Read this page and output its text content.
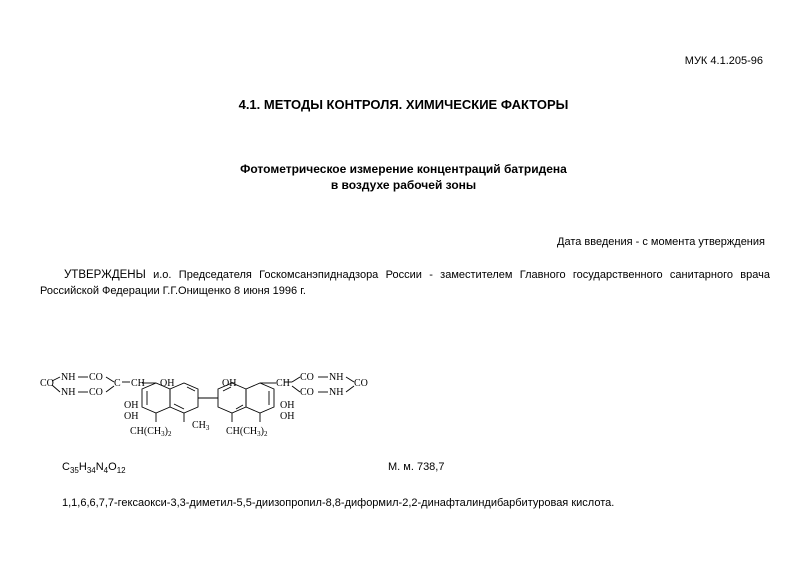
МУК 4.1.205-96
4.1. МЕТОДЫ КОНТРОЛЯ. ХИМИЧЕСКИЕ ФАКТОРЫ
Фотометрическое измерение концентраций батридена
в воздухе рабочей зоны
Дата введения - с момента утверждения
УТВЕРЖДЕНЫ и.о. Председателя Госкомсанэпиднадзора России - заместителем Главного государственного санитарного врача Российской Федерации Г.Г.Онищенко 8 июня 1996 г.
CO
NH
NH
CO
CO
C CH OH
OH
OH
$CH(CH_3)_2$
$CH_3$
OH	CH
OH
OH
$CH(CH_3)_2$
CO
CO
NH
NH
CO
$C_{35}H_{34}N_4O_{12}$	М. м. 738,7
1,1,6,6,7,7-гексаокси-3,3-диметил-5,5-диизопропил-8,8-диформил-2,2-динафталиндибарбитуровая кислота.
